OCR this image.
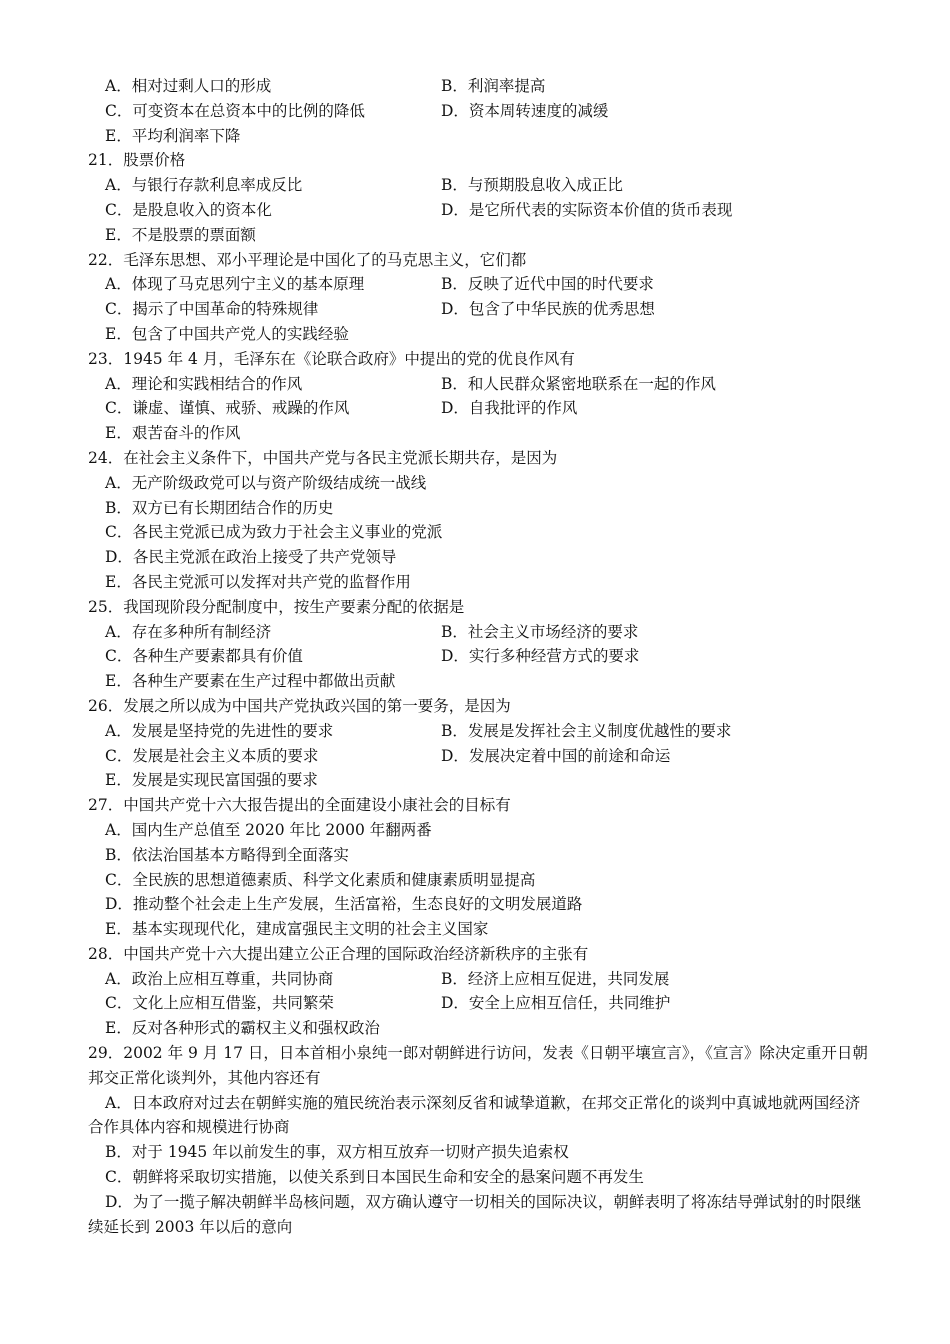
A．相对过剩人口的形成	B．利润率提高
C．可变资本在总资本中的比例的降低	D．资本周转速度的减缓
E．平均利润率下降
21．股票价格
A．与银行存款利息率成反比	B．与预期股息收入成正比
C．是股息收入的资本化	D．是它所代表的实际资本价值的货币表现
E．不是股票的票面额
22．毛泽东思想、邓小平理论是中国化了的马克思主义，它们都
A．体现了马克思列宁主义的基本原理	B．反映了近代中国的时代要求
C．揭示了中国革命的特殊规律	D．包含了中华民族的优秀思想
E．包含了中国共产党人的实践经验
23．1945 年 4 月，毛泽东在《论联合政府》中提出的党的优良作风有
A．理论和实践相结合的作风	B．和人民群众紧密地联系在一起的作风
C．谦虚、谨慎、戒骄、戒躁的作风	D．自我批评的作风
E．艰苦奋斗的作风
24．在社会主义条件下，中国共产党与各民主党派长期共存，是因为
A．无产阶级政党可以与资产阶级结成统一战线
B．双方已有长期团结合作的历史
C．各民主党派已成为致力于社会主义事业的党派
D．各民主党派在政治上接受了共产党领导
E．各民主党派可以发挥对共产党的监督作用
25．我国现阶段分配制度中，按生产要素分配的依据是
A．存在多种所有制经济	B．社会主义市场经济的要求
C．各种生产要素都具有价值	D．实行多种经营方式的要求
E．各种生产要素在生产过程中都做出贡献
26．发展之所以成为中国共产党执政兴国的第一要务，是因为
A．发展是坚持党的先进性的要求	B．发展是发挥社会主义制度优越性的要求
C．发展是社会主义本质的要求	D．发展决定着中国的前途和命运
E．发展是实现民富国强的要求
27．中国共产党十六大报告提出的全面建设小康社会的目标有
A．国内生产总值至 2020 年比 2000 年翻两番
B．依法治国基本方略得到全面落实
C．全民族的思想道德素质、科学文化素质和健康素质明显提高
D．推动整个社会走上生产发展，生活富裕，生态良好的文明发展道路
E．基本实现现代化，建成富强民主文明的社会主义国家
28．中国共产党十六大提出建立公正合理的国际政治经济新秩序的主张有
A．政治上应相互尊重，共同协商	B．经济上应相互促进，共同发展
C．文化上应相互借鉴，共同繁荣	D．安全上应相互信任，共同维护
E．反对各种形式的霸权主义和强权政治
29．2002 年 9 月 17 日，日本首相小泉纯一郎对朝鲜进行访问，发表《日朝平壤宣言》，《宣言》除决定重开日朝邦交正常化谈判外，其他内容还有
A．日本政府对过去在朝鲜实施的殖民统治表示深刻反省和诚挚道歉，在邦交正常化的谈判中真诚地就两国经济合作具体内容和规模进行协商
B．对于 1945 年以前发生的事，双方相互放弃一切财产损失追索权
C．朝鲜将采取切实措施，以使关系到日本国民生命和安全的悬案问题不再发生
D．为了一揽子解决朝鲜半岛核问题，双方确认遵守一切相关的国际决议，朝鲜表明了将冻结导弹试射的时限继续延长到 2003 年以后的意向
